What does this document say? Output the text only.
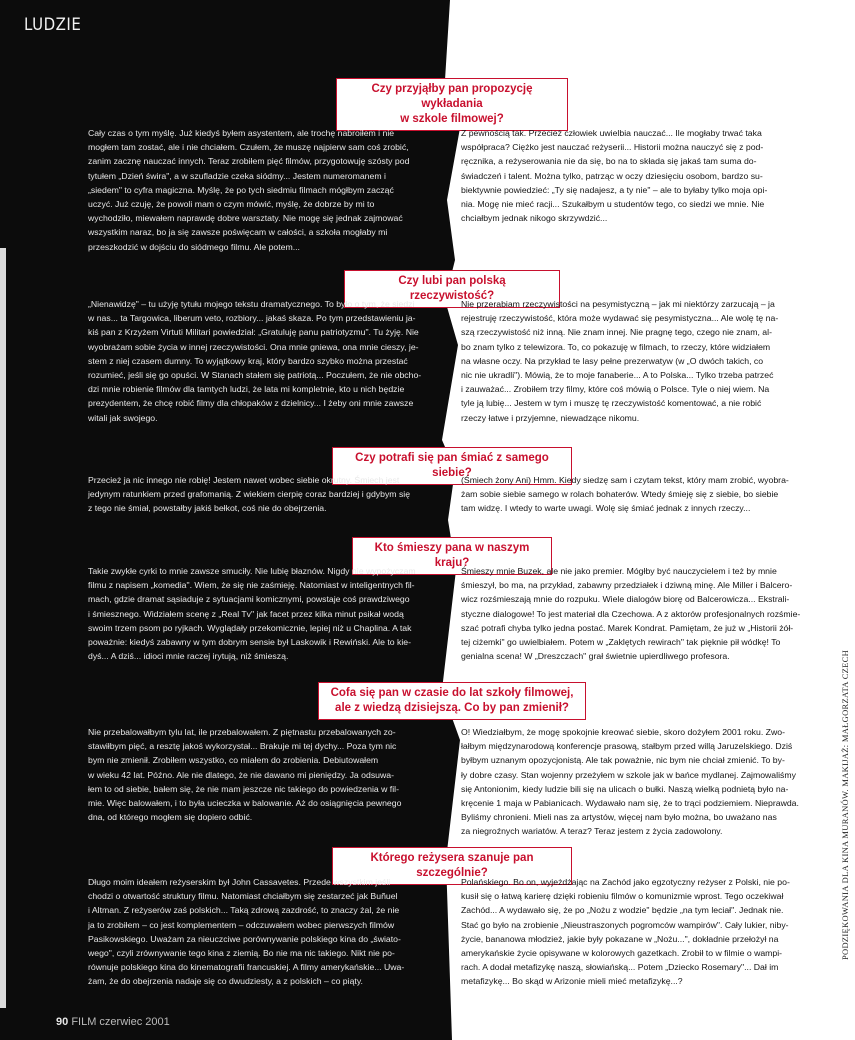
LUDZIE
Czy przyjąłby pan propozycję wykładania
w szkole filmowej?
Cały czas o tym myślę. Już kiedyś byłem asystentem, ale trochę nabroiłem i nie
mogłem tam zostać, ale i nie chciałem. Czułem, że muszę najpierw sam coś zrobić,
zanim zacznę nauczać innych. Teraz zrobiłem pięć filmów, przygotowuję szósty pod
tytułem „Dzień świra", a w szufladzie czeka siódmy... Jestem numeromanem i
„siedem" to cyfra magiczna. Myślę, że po tych siedmiu filmach mógłbym zacząć
uczyć. Już czuję, że powoli mam o czym mówić, myślę, że dobrze by mi to
wychodziło, miewałem naprawdę dobre warsztaty. Nie mogę się jednak zajmować
wszystkim naraz, bo ja się zawsze poświęcam w całości, a szkoła mogłaby mi
przeszkodzić w dojściu do siódmego filmu. Ale potem...
Z pewnością tak. Przecież człowiek uwielbia nauczać... Ile mogłaby trwać taka
współpraca? Ciężko jest nauczać reżyserii... Historii można nauczyć się z pod-
ręcznika, a reżyserowania nie da się, bo na to składa się jakaś tam suma do-
świadczeń i talent. Można tylko, patrząc w oczy dziesięciu osobom, bardzo su-
biektywnie powiedzieć: „Ty się nadajesz, a ty nie" – ale to byłaby tylko moja opi-
nia. Mogę nie mieć racji... Szukałbym u studentów tego, co siedzi we mnie. Nie
chciałbym jednak nikogo skrzywdzić...
Czy lubi pan polską rzeczywistość?
„Nienawidzę" – tu użyję tytułu mojego tekstu dramatycznego. To było o tym, że siedzi
w nas... ta Targowica, liberum veto, rozbiory... jakaś skaza. Po tym przedstawieniu ja-
kiś pan z Krzyżem Virtuti Militari powiedział: „Gratuluję panu patriotyzmu". Tu żyję. Nie
wyobrażam sobie życia w innej rzeczywistości. Ona mnie gniewa, ona mnie cieszy, je-
stem z niej czasem dumny. To wyjątkowy kraj, który bardzo szybko można przestać
rozumieć, jeśli się go opuści. W Stanach stałem się patriotą... Poczułem, że nie obcho-
dzi mnie robienie filmów dla tamtych ludzi, że lata mi kompletnie, kto u nich będzie
prezydentem, że chcę robić filmy dla chłopaków z dzielnicy... I żeby oni mnie zawsze
witali jak swojego.
Nie przerabiam rzeczywistości na pesymistyczną – jak mi niektórzy zarzucają – ja
rejestruję rzeczywistość, która może wydawać się pesymistyczna... Ale wolę tę na-
szą rzeczywistość niż inną. Nie znam innej. Nie pragnę tego, czego nie znam, al-
bo znam tylko z telewizora. To, co pokazuję w filmach, to rzeczy, które widziałem
na własne oczy. Na przykład te lasy pełne prezerwatyw (w „O dwóch takich, co
nic nie ukradli"). Mówią, że to moje fanaberie... A to Polska... Tylko trzeba patrzeć
i zauważać... Zrobiłem trzy filmy, które coś mówią o Polsce. Tyle o niej wiem. Na
tyle ją lubię... Jestem w tym i muszę tę rzeczywistość komentować, a nie robić
rzeczy łatwe i przyjemne, niewadzące nikomu.
Czy potrafi się pan śmiać z samego siebie?
Przecież ja nic innego nie robię! Jestem nawet wobec siebie okrutny. Śmiech jest
jedynym ratunkiem przed grafomanią. Z wiekiem cierpię coraz bardziej i gdybym się
z tego nie śmiał, powstałby jakiś bełkot, coś nie do obejrzenia.
(Śmiech żony Ani) Hmm. Kiedy siedzę sam i czytam tekst, który mam zrobić, wyobra-
żam sobie siebie samego w rolach bohaterów. Wtedy śmieję się z siebie, bo siebie
tam widzę. I wtedy to warte uwagi. Wolę się śmiać jednak z innych rzeczy...
Kto śmieszy pana w naszym kraju?
Takie zwykłe cyrki to mnie zawsze smuciły. Nie lubię błaznów. Nigdy nie wypożyczam
filmu z napisem „komedia". Wiem, że się nie zaśmieję. Natomiast w inteligentnych fil-
mach, gdzie dramat sąsiaduje z sytuacjami komicznymi, powstaje coś prawdziwego
i śmiesznego. Widziałem scenę z „Real Tv" jak facet przez kilka minut psikał wodą
swoim trzem psom po ryjkach. Wyglądały przekomicznie, lepiej niż u Chaplina. A tak
poważnie: kiedyś zabawny w tym dobrym sensie był Laskowik i Rewiński. Ale to kie-
dyś... A dziś... idioci mnie raczej irytują, niż śmieszą.
Śmieszy mnie Buzek, ale nie jako premier. Mógłby być nauczycielem i też by mnie
śmieszył, bo ma, na przykład, zabawny przedziałek i dziwną minę. Ale Miller i Balcero-
wicz rozśmieszają mnie do rozpuku. Wiele dialogów biorę od Balcerowicza... Ekstrali-
styczne dialogowe! To jest materiał dla Czechowa. A z aktorów profesjonalnych rozśmie-
szać potrafi chyba tylko jedna postać. Marek Kondrat. Pamiętam, że już w „Historii żół-
tej ciżemki" go uwielbiałem. Potem w „Zaklętych rewirach" tak pięknie pił wódkę! To
genialna scena! W „Dreszczach" grał świetnie upierdliwego profesora.
Cofa się pan w czasie do lat szkoły filmowej,
ale z wiedzą dzisiejszą. Co by pan zmienił?
Nie przebalowałbym tylu lat, ile przebalowałem. Z piętnastu przebalowanych zo-
stawiłbym pięć, a resztę jakoś wykorzystał... Brakuje mi tej dychy... Poza tym nic
bym nie zmienił. Zrobiłem wszystko, co miałem do zrobienia. Debiutowałem
w wieku 42 lat. Późno. Ale nie dlatego, że nie dawano mi pieniędzy. Ja odsuwa-
łem to od siebie, bałem się, że nie mam jeszcze nic takiego do powiedzenia w fil-
mie. Więc balowałem, i to była ucieczka w balowanie. Aż do osiągnięcia pewnego
dna, od którego mogłem się dopiero odbić.
O! Wiedziałbym, że mogę spokojnie kreować siebie, skoro dożyłem 2001 roku. Zwo-
łałbym międzynarodową konferencje prasową, stałbym przed willą Jaruzelskiego. Dziś
byłbym uznanym opozycjonistą. Ale tak poważnie, nic bym nie chciał zmienić. To by-
ły dobre czasy. Stan wojenny przeżyłem w szkole jak w bańce mydlanej. Zajmowaliśmy
się Antonionim, kiedy ludzie bili się na ulicach o bułki. Naszą wielką podnietą było na-
kręcenie 1 maja w Pabianicach. Wydawało nam się, że to trąci podziemiem. Nieprawda.
Byliśmy chronieni. Mieli nas za artystów, więcej nam było można, bo uważano nas
za niegroźnych wariatów. A teraz? Teraz jestem z życia zadowolony.
Którego reżysera szanuje pan szczególnie?
Długo moim ideałem reżyserskim był John Cassavetes. Przede wszystkim jeśli
chodzi o otwartość struktury filmu. Natomiast chciałbym się zestarzeć jak Buñuel
i Altman. Z reżyserów zaś polskich... Taką zdrową zazdrość, to znaczy żal, że nie
ja to zrobiłem – co jest komplementem – odczuwałem wobec pierwszych filmów
Pasikowskiego. Uważam za nieuczciwe porównywanie polskiego kina do „świato-
wego", czyli zrównywanie tego kina z ziemią. Bo nie ma nic takiego. Nikt nie po-
równuje polskiego kina do kinematografii francuskiej. A filmy amerykańskie... Uwa-
żam, że do obejrzenia nadaje się co dwudziesty, a z polskich – co piąty.
Polańskiego. Bo on, wyjeżdżając na Zachód jako egzotyczny reżyser z Polski, nie po-
kusił się o łatwą karierę dzięki robieniu filmów o komunizmie wprost. Tego oczekiwał
Zachód... A wydawało się, że po „Nożu z wodzie" będzie „na tym leciał". Jednak nie.
Stać go było na zrobienie „Nieustraszonych pogromców wampirów". Cały lukier, niby-
życie, bananowa młodzież, jakie były pokazane w „Nożu...", dokładnie przełożył na
amerykańskie życie opisywane w kolorowych gazetkach. Zrobił to w filmie o wampi-
rach. A dodał metafizykę naszą, słowiańską... Potem „Dziecko Rosemary"... Dał im
metafizykę... Bo skąd w Arizonie mieli mieć metafizykę...?
PODZIĘKOWANIA DLA KINA MURANÓW. MAKIJAŻ: MAŁGORZATA CZECH
90 FILM czerwiec 2001
